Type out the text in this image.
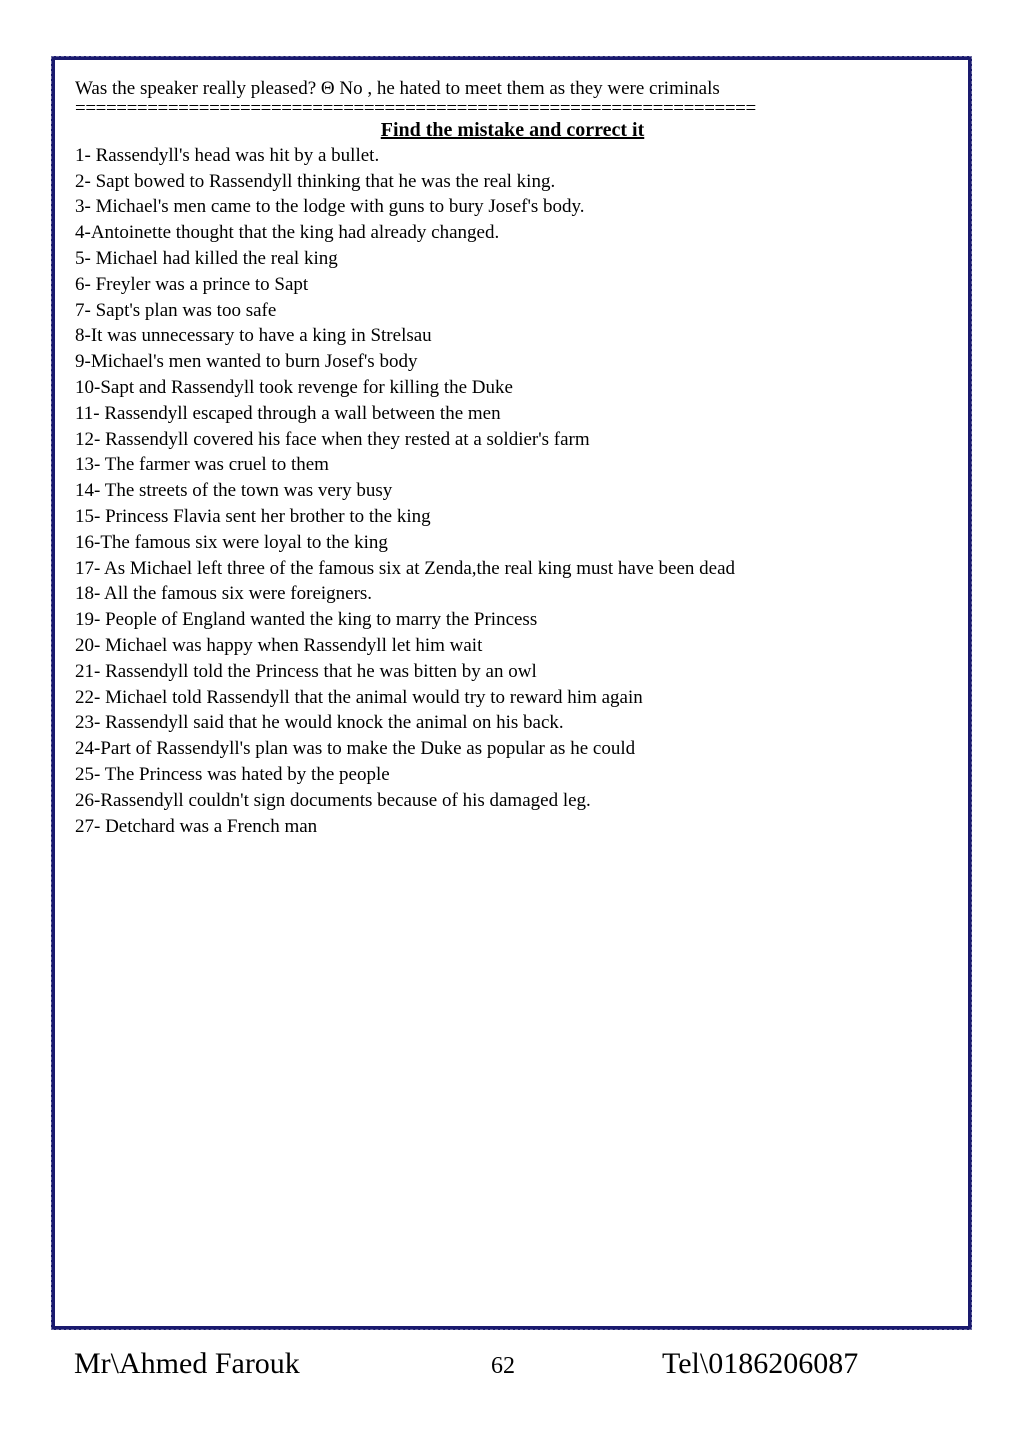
Was the speaker really pleased? Θ No , he hated to meet them as they were criminals
==================================================================
Find the mistake and correct it
1- Rassendyll's head was hit by a bullet.
2- Sapt bowed to Rassendyll thinking that he was the real king.
3- Michael's men came to the lodge with guns to bury Josef's body.
4-Antoinette thought that the king had already changed.
5- Michael had killed the real king
6- Freyler was a prince to Sapt
7- Sapt's plan was too safe
8-It was unnecessary to have a king in Strelsau
9-Michael's men wanted to burn Josef's body
10-Sapt and Rassendyll took revenge for killing the Duke
11- Rassendyll escaped through a wall between the men
12- Rassendyll covered his face when they rested at a soldier's farm
13- The farmer was cruel to them
14- The streets of the town was very busy
15- Princess Flavia sent her brother to the king
16-The famous six were loyal to the king
17- As Michael left three of the famous six at Zenda,the real king must have been dead
18- All the famous six were foreigners.
19- People of England wanted the king to marry the Princess
20- Michael was happy when Rassendyll let him wait
21- Rassendyll told the Princess that he was bitten by an owl
22- Michael told Rassendyll that the animal would try to reward him again
23- Rassendyll said that he would knock the animal on his back.
24-Part of Rassendyll's plan was to make the Duke as popular as he could
25- The Princess was hated by the people
26-Rassendyll couldn't sign documents because of his damaged leg.
27- Detchard was a French man
Mr\Ahmed Farouk	62	Tel\0186206087
